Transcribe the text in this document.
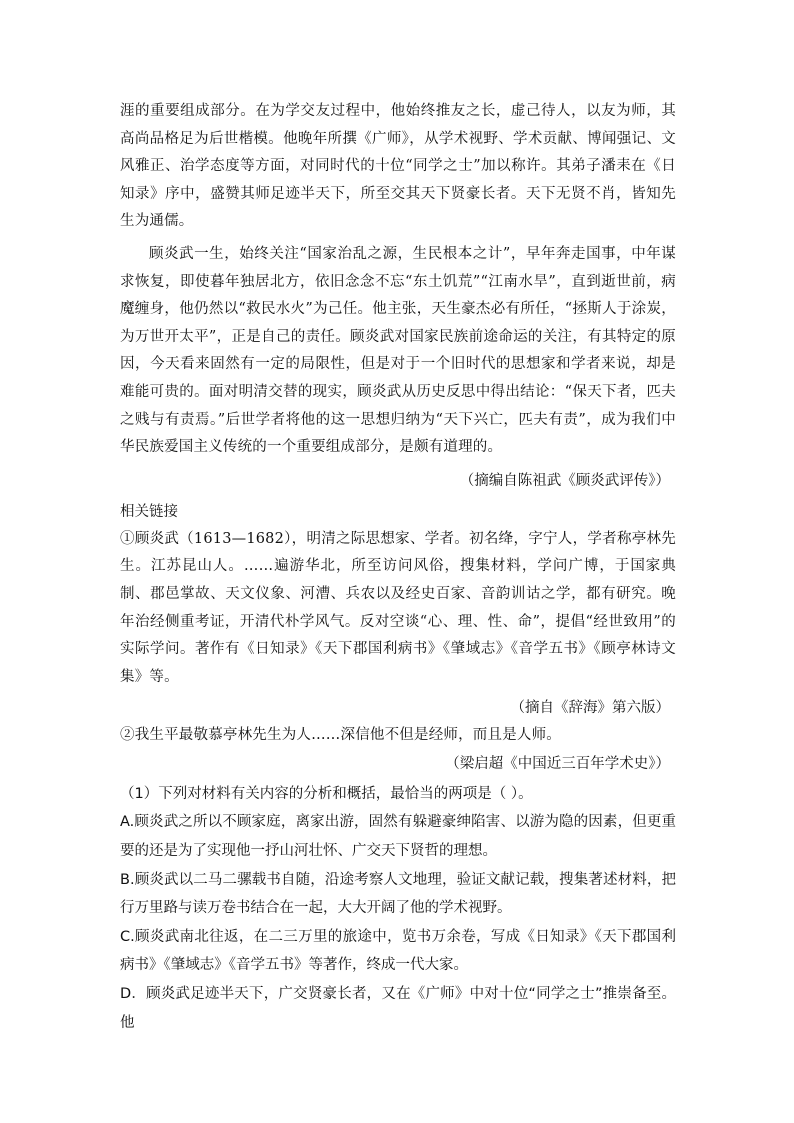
涯的重要组成部分。在为学交友过程中，他始终推友之长，虚己待人，以友为师，其高尚品格足为后世楷模。他晚年所撰《广师》，从学术视野、学术贡献、博闻强记、文风雅正、治学态度等方面，对同时代的十位“同学之士”加以称许。其弟子潘耒在《日知录》序中，盛赞其师足迹半天下，所至交其天下贤豪长者。天下无贤不肖，皆知先生为通儒。

顾炎武一生，始终关注“国家治乱之源，生民根本之计”，早年奔走国事，中年谋求恢复，即使暮年独居北方，依旧念念不忘“东土饥荒”“江南水旱”，直到逝世前，病魔缠身，他仍然以“救民水火”为己任。他主张，天生豪杰必有所任，“拯斯人于涂炭，为万世开太平”，正是自己的责任。顾炎武对国家民族前途命运的关注，有其特定的原因，今天看来固然有一定的局限性，但是对于一个旧时代的思想家和学者来说，却是难能可贵的。面对明清交替的现实，顾炎武从历史反思中得出结论：“保天下者，匹夫之贱与有责焉。”后世学者将他的这一思想归纳为“天下兴亡，匹夫有责”，成为我们中华民族爱国主义传统的一个重要组成部分，是颇有道理的。

（摘编自陈祖武《顾炎武评传》）

相关链接

①顾炎武（1613—1682），明清之际思想家、学者。初名绛，字宁人，学者称亭林先生。江苏昆山人。……遍游华北，所至访问风俗，搜集材料，学问广博，于国家典制、郡邑掌故、天文仪象、河漕、兵农以及经史百家、音韵训诂之学，都有研究。晚年治经侧重考证，开清代朴学风气。反对空谈“心、理、性、命”，提倡“经世致用”的实际学问。著作有《日知录》《天下郡国利病书》《肇域志》《音学五书》《顾亭林诗文集》等。

（摘自《辞海》第六版）

②我生平最敬慕亭林先生为人……深信他不但是经师，而且是人师。

（梁启超《中国近三百年学术史》）

（1）下列对材料有关内容的分析和概括，最恰当的两项是（ ）。

A.顾炎武之所以不顾家庭，离家出游，固然有躲避豪绅陷害、以游为隐的因素，但更重要的还是为了实现他一抒山河壮怀、广交天下贤哲的理想。

B.顾炎武以二马二骡载书自随，沿途考察人文地理，验证文献记载，搜集著述材料，把行万里路与读万卷书结合在一起，大大开阔了他的学术视野。

C.顾炎武南北往返，在二三万里的旅途中，览书万余卷，写成《日知录》《天下郡国利病书》《肇域志》《音学五书》等著作，终成一代大家。

D．顾炎武足迹半天下，广交贤豪长者，又在《广师》中对十位“同学之士”推崇备至。他
